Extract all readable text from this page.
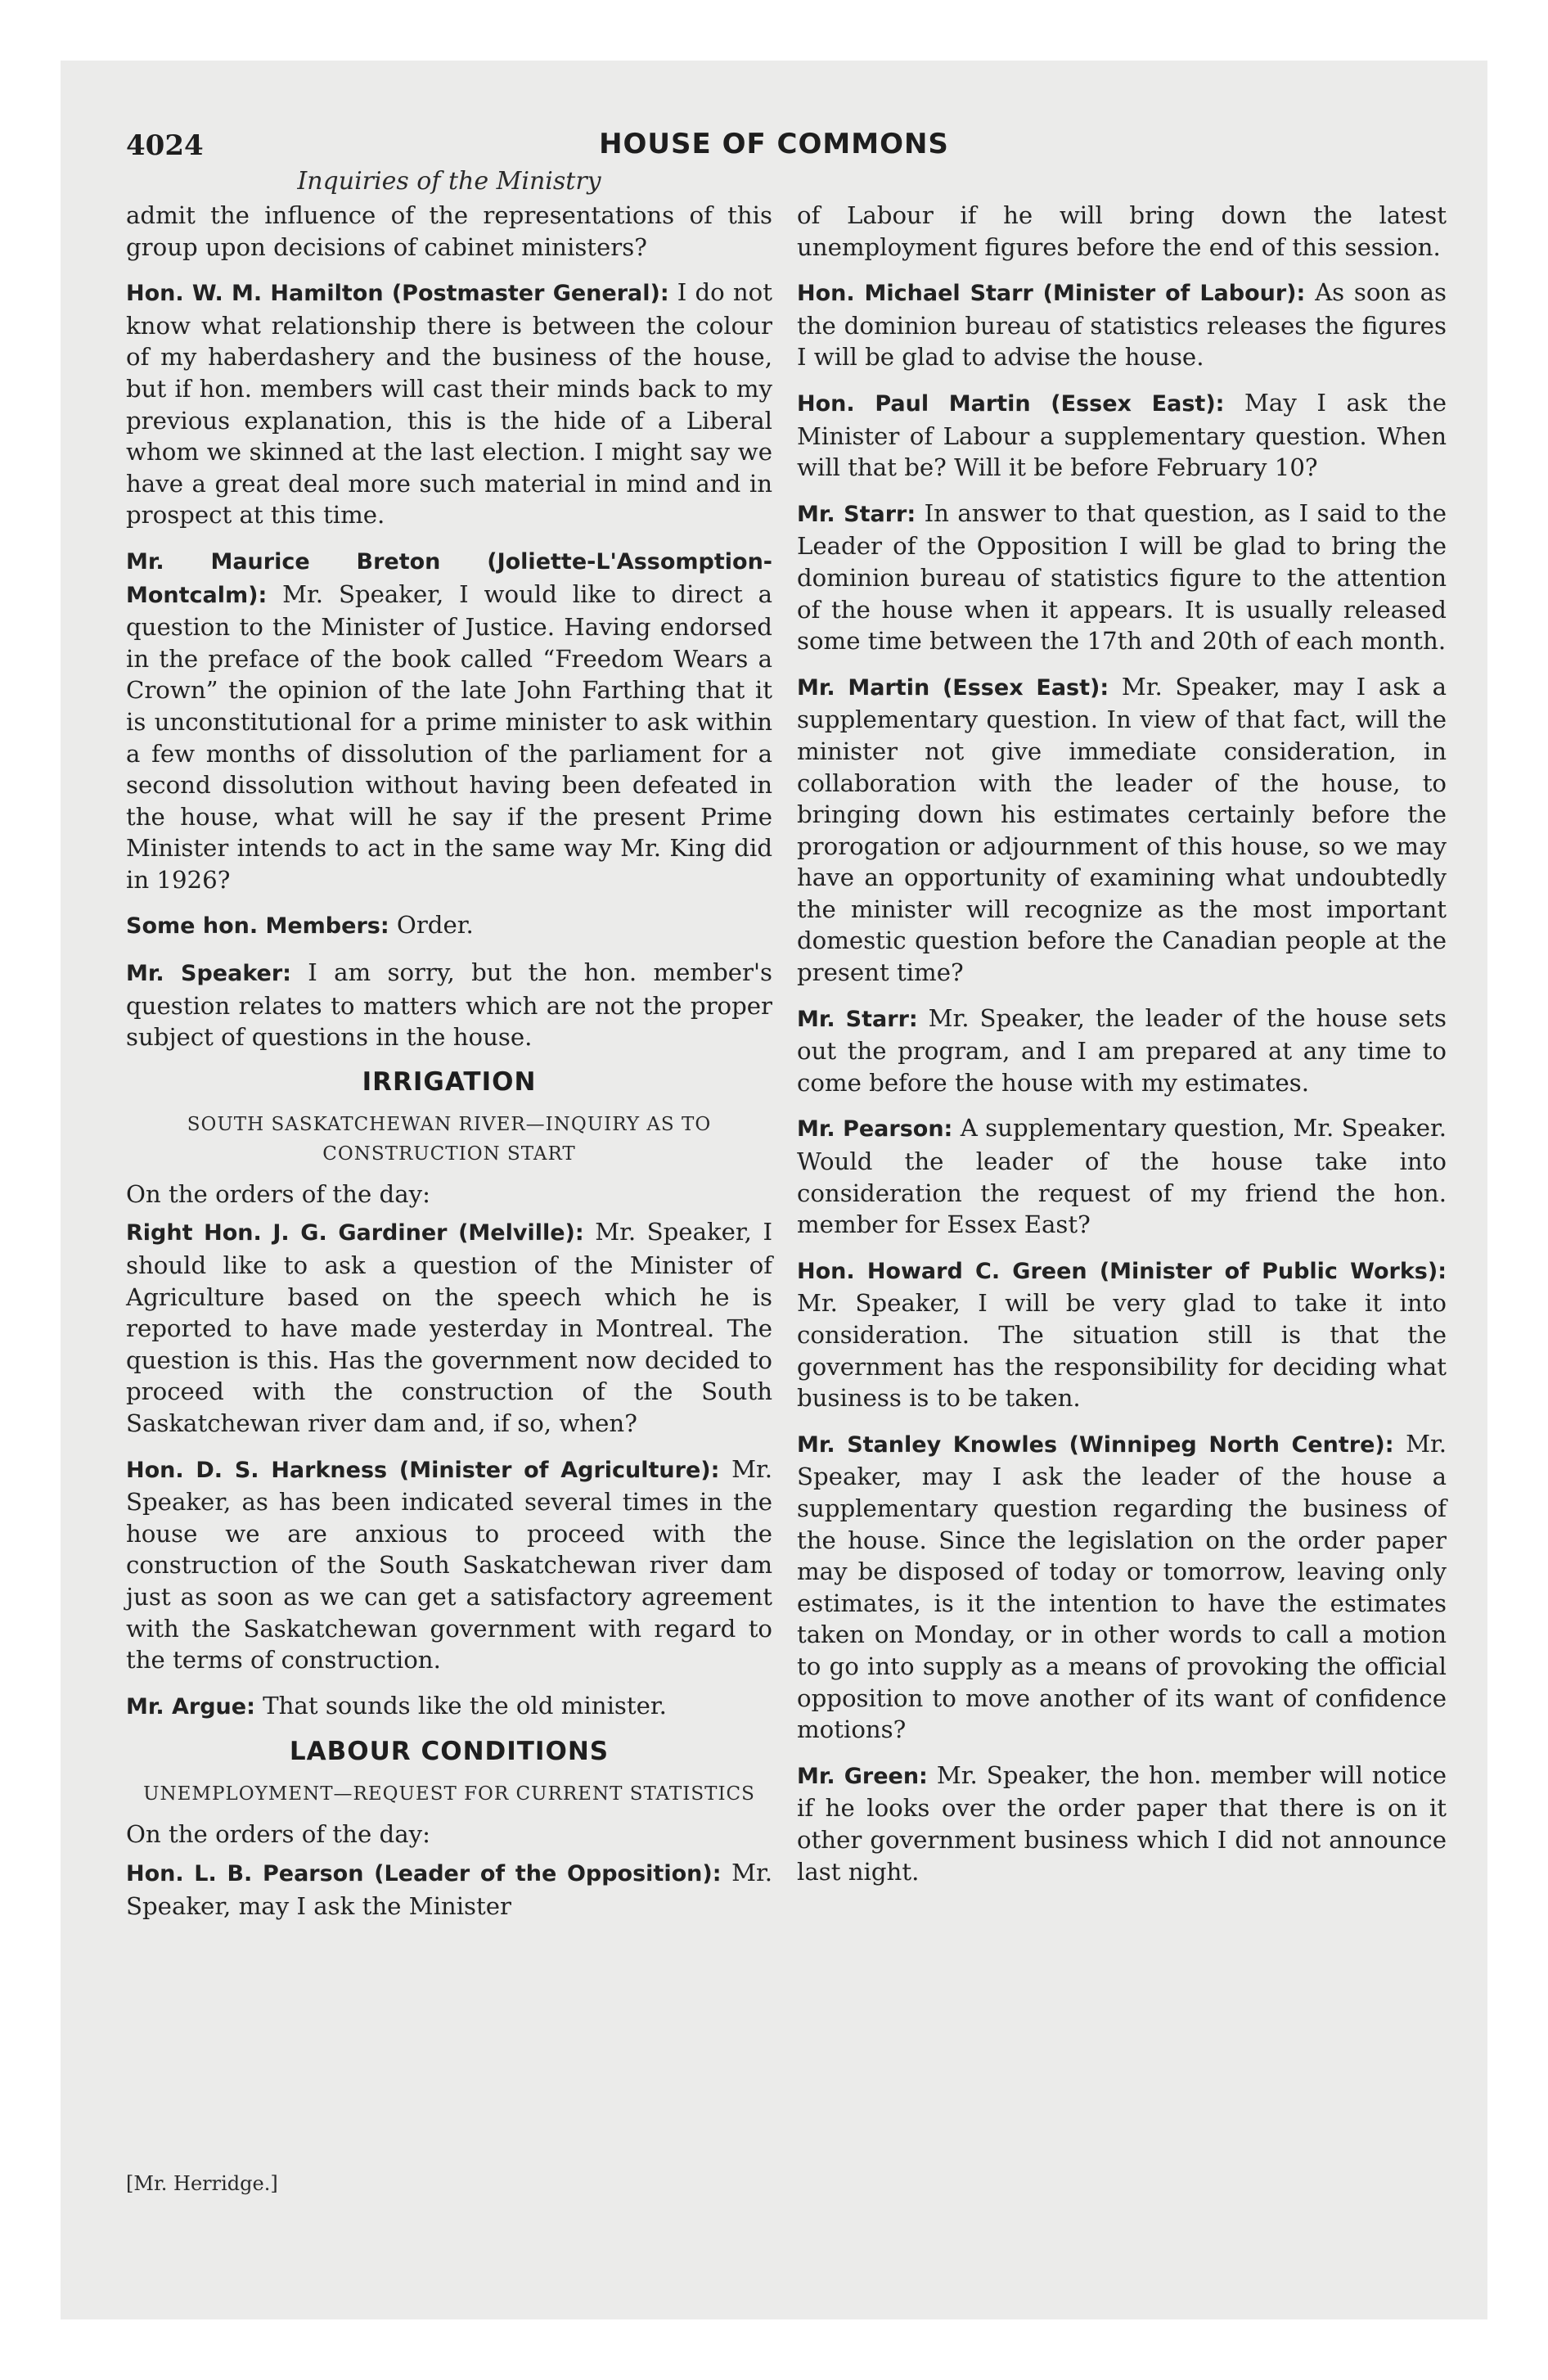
4024	HOUSE OF COMMONS
Inquiries of the Ministry

admit the influence of the representations of this group upon decisions of cabinet ministers?

Hon. W. M. Hamilton (Postmaster General): I do not know what relationship there is between the colour of my haberdashery and the business of the house, but if hon. members will cast their minds back to my previous explanation, this is the hide of a Liberal whom we skinned at the last election. I might say we have a great deal more such material in mind and in prospect at this time.

Mr. Maurice Breton (Joliette-L'Assomption-Montcalm): Mr. Speaker, I would like to direct a question to the Minister of Justice. Having endorsed in the preface of the book called “Freedom Wears a Crown” the opinion of the late John Farthing that it is unconstitutional for a prime minister to ask within a few months of dissolution of the parliament for a second dissolution without having been defeated in the house, what will he say if the present Prime Minister intends to act in the same way Mr. King did in 1926?

Some hon. Members: Order.

Mr. Speaker: I am sorry, but the hon. member's question relates to matters which are not the proper subject of questions in the house.

IRRIGATION
SOUTH SASKATCHEWAN RIVER—INQUIRY AS TO CONSTRUCTION START

On the orders of the day:

Right Hon. J. G. Gardiner (Melville): Mr. Speaker, I should like to ask a question of the Minister of Agriculture based on the speech which he is reported to have made yesterday in Montreal. The question is this. Has the government now decided to proceed with the construction of the South Saskatchewan river dam and, if so, when?

Hon. D. S. Harkness (Minister of Agriculture): Mr. Speaker, as has been indicated several times in the house we are anxious to proceed with the construction of the South Saskatchewan river dam just as soon as we can get a satisfactory agreement with the Saskatchewan government with regard to the terms of construction.

Mr. Argue: That sounds like the old minister.

LABOUR CONDITIONS
UNEMPLOYMENT—REQUEST FOR CURRENT STATISTICS

On the orders of the day:

Hon. L. B. Pearson (Leader of the Opposition): Mr. Speaker, may I ask the Minister

of Labour if he will bring down the latest unemployment figures before the end of this session.

Hon. Michael Starr (Minister of Labour): As soon as the dominion bureau of statistics releases the figures I will be glad to advise the house.

Hon. Paul Martin (Essex East): May I ask the Minister of Labour a supplementary question. When will that be? Will it be before February 10?

Mr. Starr: In answer to that question, as I said to the Leader of the Opposition I will be glad to bring the dominion bureau of statistics figure to the attention of the house when it appears. It is usually released some time between the 17th and 20th of each month.

Mr. Martin (Essex East): Mr. Speaker, may I ask a supplementary question. In view of that fact, will the minister not give immediate consideration, in collaboration with the leader of the house, to bringing down his estimates certainly before the prorogation or adjournment of this house, so we may have an opportunity of examining what undoubtedly the minister will recognize as the most important domestic question before the Canadian people at the present time?

Mr. Starr: Mr. Speaker, the leader of the house sets out the program, and I am prepared at any time to come before the house with my estimates.

Mr. Pearson: A supplementary question, Mr. Speaker. Would the leader of the house take into consideration the request of my friend the hon. member for Essex East?

Hon. Howard C. Green (Minister of Public Works): Mr. Speaker, I will be very glad to take it into consideration. The situation still is that the government has the responsibility for deciding what business is to be taken.

Mr. Stanley Knowles (Winnipeg North Centre): Mr. Speaker, may I ask the leader of the house a supplementary question regarding the business of the house. Since the legislation on the order paper may be disposed of today or tomorrow, leaving only estimates, is it the intention to have the estimates taken on Monday, or in other words to call a motion to go into supply as a means of provoking the official opposition to move another of its want of confidence motions?

Mr. Green: Mr. Speaker, the hon. member will notice if he looks over the order paper that there is on it other government business which I did not announce last night.

[Mr. Herridge.]
